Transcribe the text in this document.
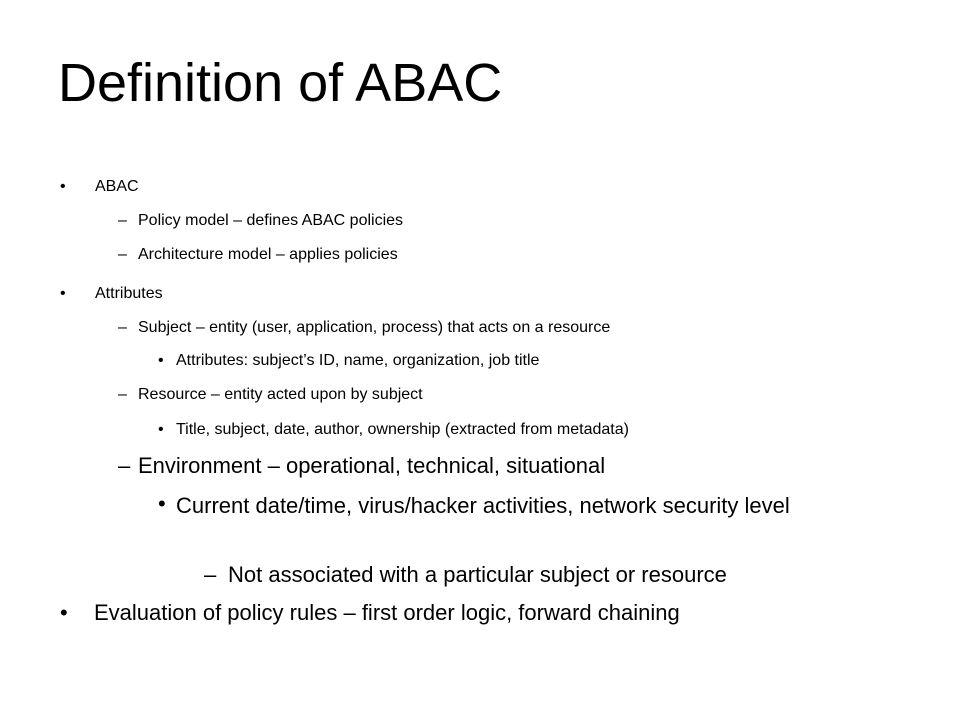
Definition of ABAC
•	ABAC
– Policy model – defines ABAC policies
– Architecture model – applies policies
•	Attributes
– Subject – entity (user, application, process) that acts on a resource
• Attributes: subject’s ID, name, organization, job title
– Resource – entity acted upon by subject
• Title, subject, date, author, ownership (extracted from metadata)
– Environment – operational, technical, situational
• Current date/time, virus/hacker activities, network security level
– Not associated with a particular subject or resource
•	Evaluation of policy rules – first order logic, forward chaining
